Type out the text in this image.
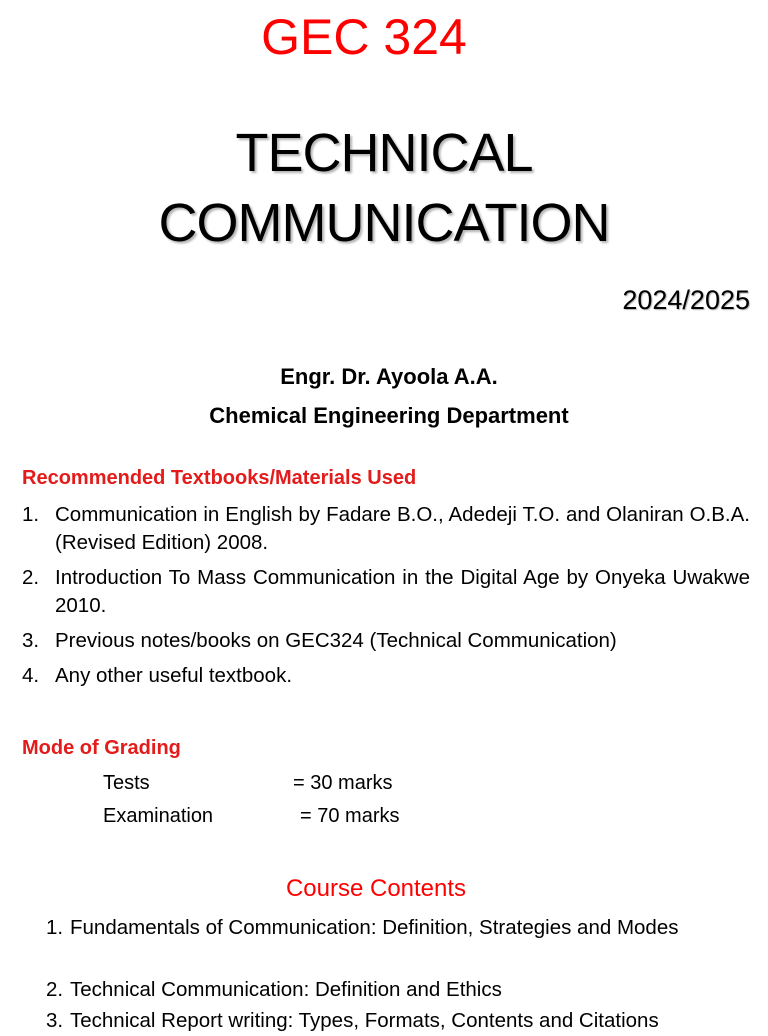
GEC 324
TECHNICAL
COMMUNICATION
2024/2025
Engr. Dr. Ayoola A.A.
Chemical Engineering Department
Recommended Textbooks/Materials Used
1. Communication in English by Fadare B.O., Adedeji T.O. and Olaniran O.B.A. (Revised Edition) 2008.
2. Introduction To Mass Communication in the Digital Age by Onyeka Uwakwe 2010.
3. Previous notes/books on GEC324 (Technical Communication)
4. Any other useful textbook.
Mode of Grading
Tests	= 30 marks
Examination	= 70 marks
Course Contents
1. Fundamentals of Communication: Definition, Strategies and Modes
2. Technical Communication: Definition and Ethics
3. Technical Report writing: Types, Formats, Contents and Citations
